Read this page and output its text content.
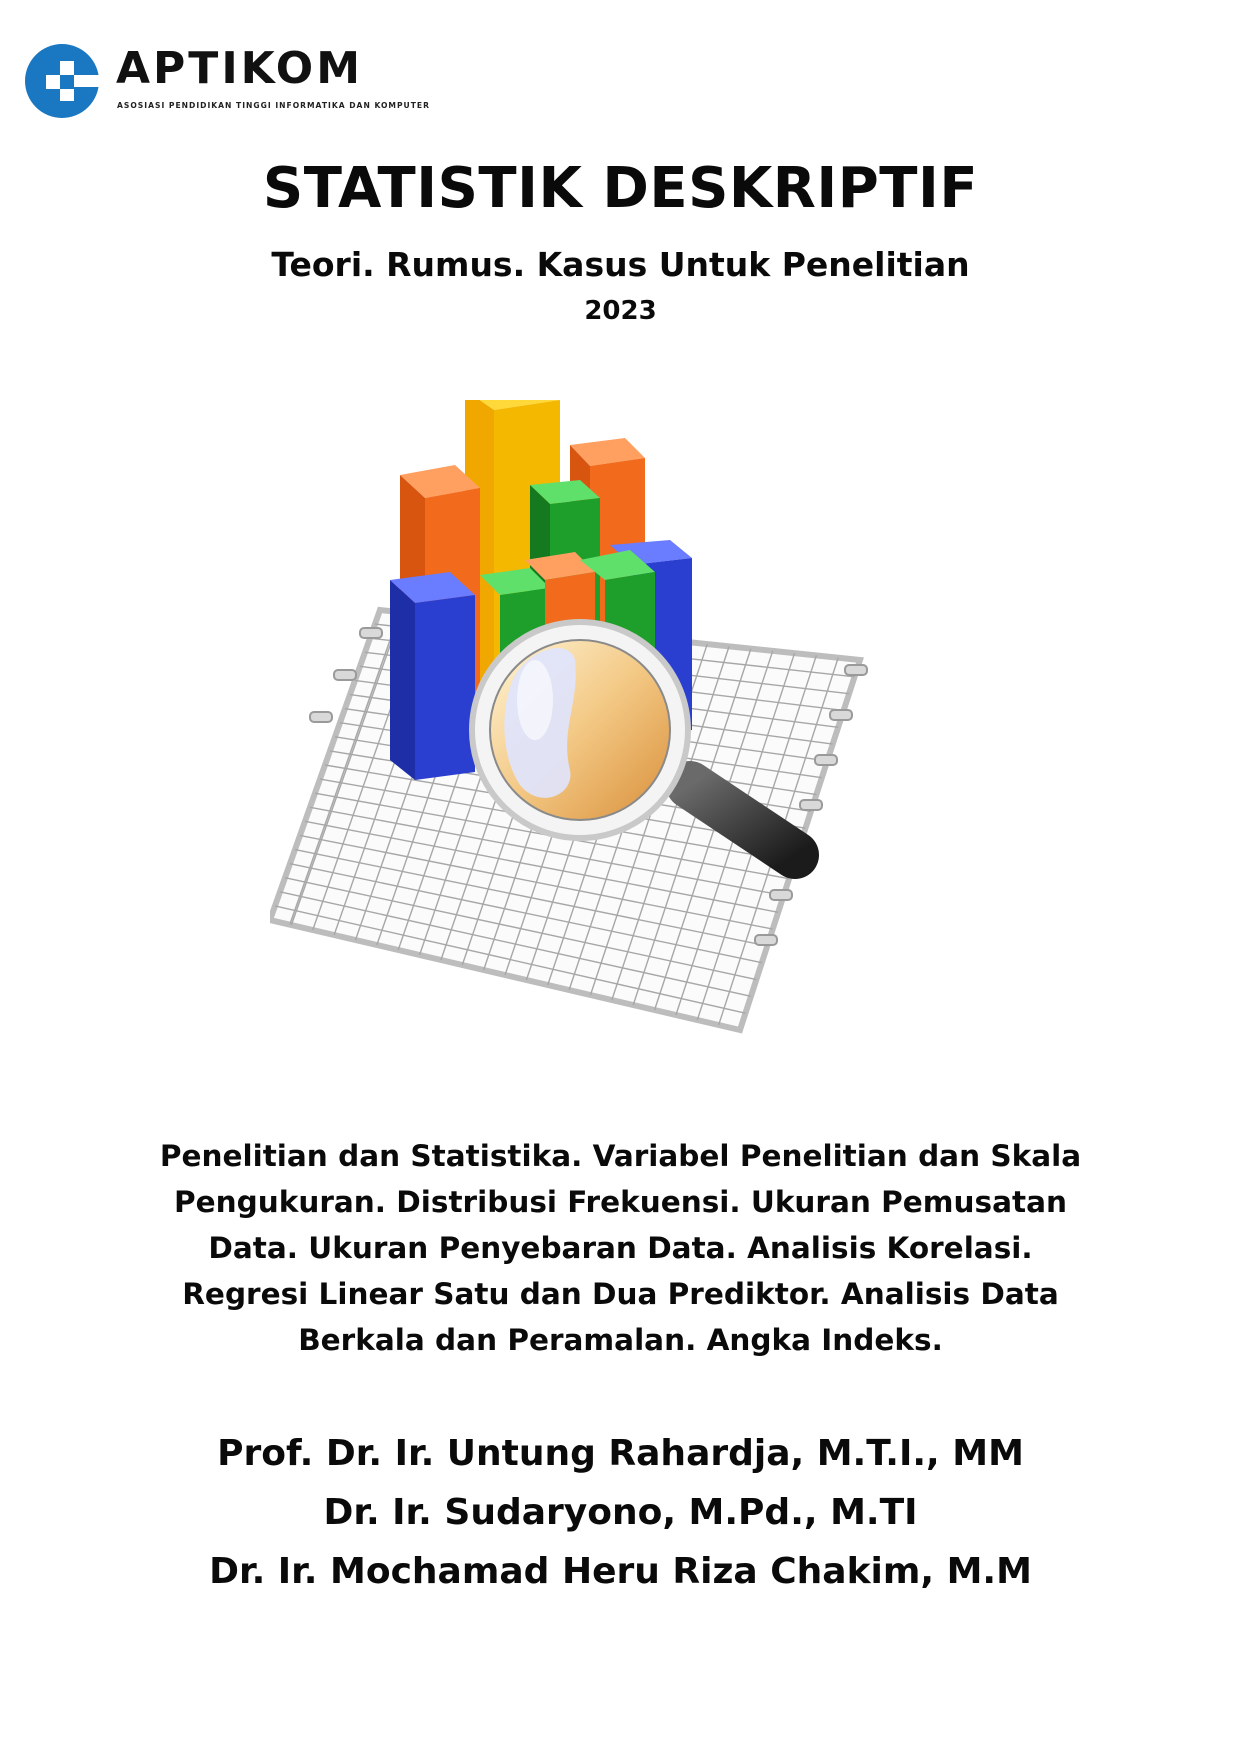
APTIKOM
ASOSIASI PENDIDIKAN TINGGI INFORMATIKA DAN KOMPUTER
STATISTIK DESKRIPTIF
Teori. Rumus. Kasus Untuk Penelitian
2023
Penelitian dan Statistika. Variabel Penelitian dan Skala Pengukuran. Distribusi Frekuensi. Ukuran Pemusatan Data. Ukuran Penyebaran Data. Analisis Korelasi. Regresi Linear Satu dan Dua Prediktor. Analisis Data Berkala dan Peramalan. Angka Indeks.
Prof. Dr. Ir. Untung Rahardja, M.T.I., MM
Dr. Ir. Sudaryono, M.Pd., M.TI
Dr. Ir. Mochamad Heru Riza Chakim, M.M
